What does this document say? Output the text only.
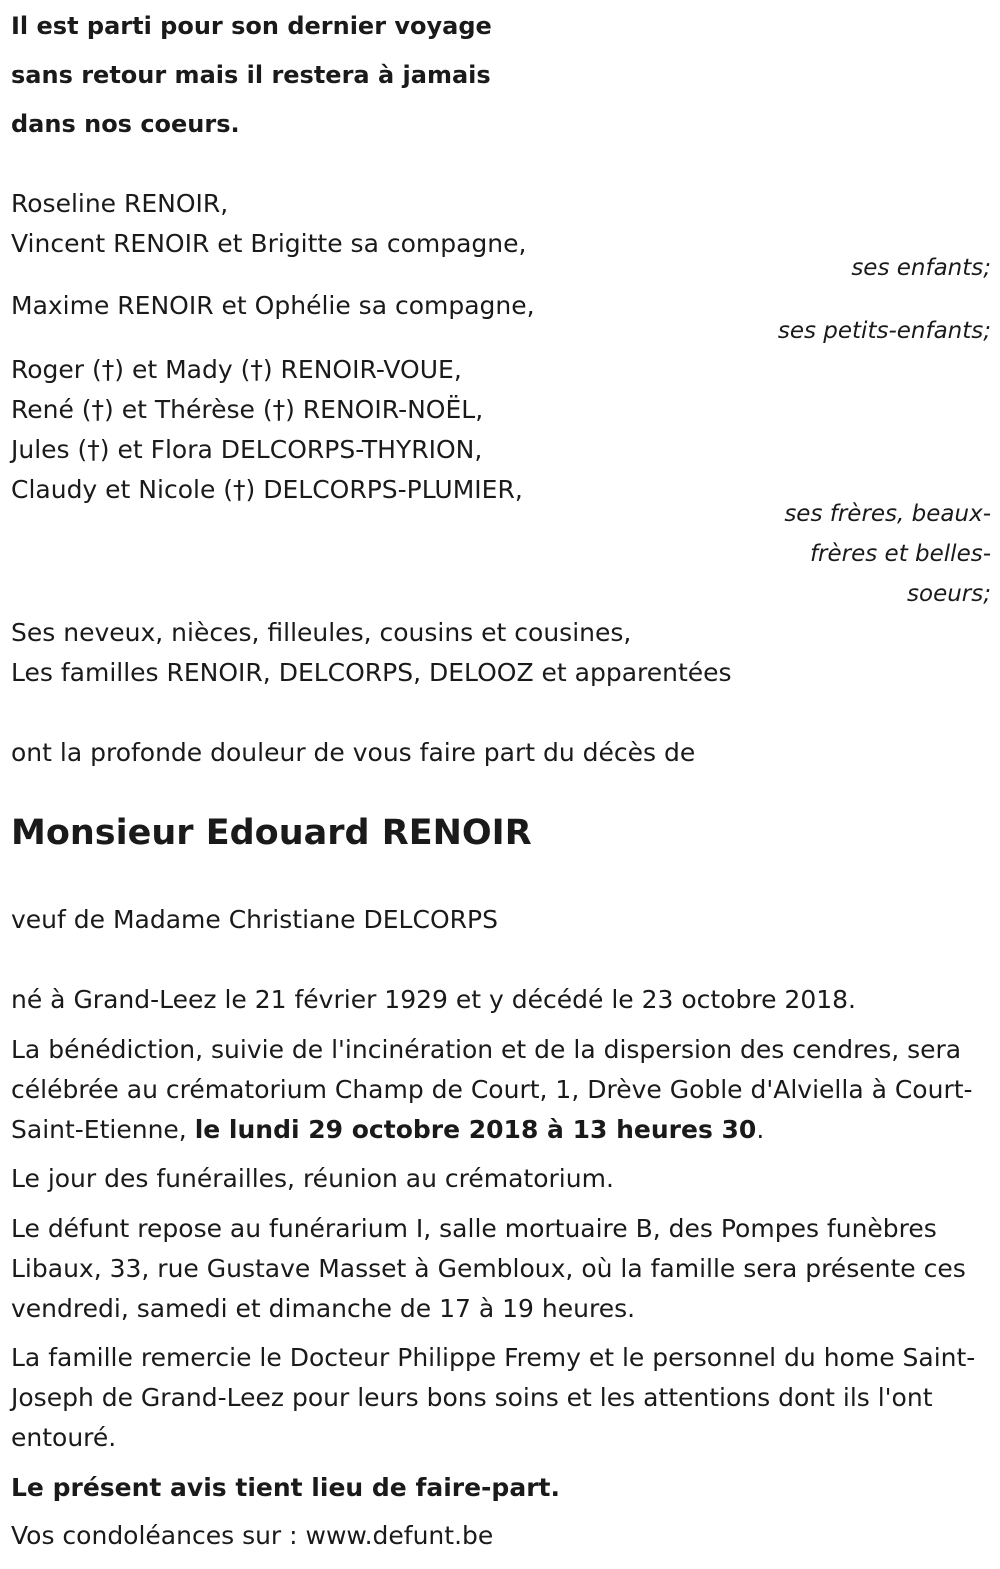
Il est parti pour son dernier voyage
sans retour mais il restera à jamais
dans nos coeurs.
Roseline RENOIR,
Vincent RENOIR et Brigitte sa compagne,
ses enfants;
Maxime RENOIR et Ophélie sa compagne,
ses petits-enfants;
Roger (†) et Mady (†) RENOIR-VOUE,
René (†) et Thérèse (†) RENOIR-NOËL,
Jules (†) et Flora DELCORPS-THYRION,
Claudy et Nicole (†) DELCORPS-PLUMIER,
ses frères, beaux-
frères et belles-
soeurs;
Ses neveux, nièces, filleules, cousins et cousines,
Les familles RENOIR, DELCORPS, DELOOZ et apparentées
ont la profonde douleur de vous faire part du décès de
Monsieur Edouard RENOIR
veuf de Madame Christiane DELCORPS
né à Grand-Leez le 21 février 1929 et y décédé le 23 octobre 2018.
La bénédiction, suivie de l'incinération et de la dispersion des cendres, sera célébrée au crématorium Champ de Court, 1, Drève Goble d'Alviella à Court-Saint-Etienne, le lundi 29 octobre 2018 à 13 heures 30.
Le jour des funérailles, réunion au crématorium.
Le défunt repose au funérarium I, salle mortuaire B, des Pompes funèbres Libaux, 33, rue Gustave Masset à Gembloux, où la famille sera présente ces vendredi, samedi et dimanche de 17 à 19 heures.
La famille remercie le Docteur Philippe Fremy et le personnel du home Saint-Joseph de Grand-Leez pour leurs bons soins et les attentions dont ils l'ont entouré.
Le présent avis tient lieu de faire-part.
Vos condoléances sur : www.defunt.be
